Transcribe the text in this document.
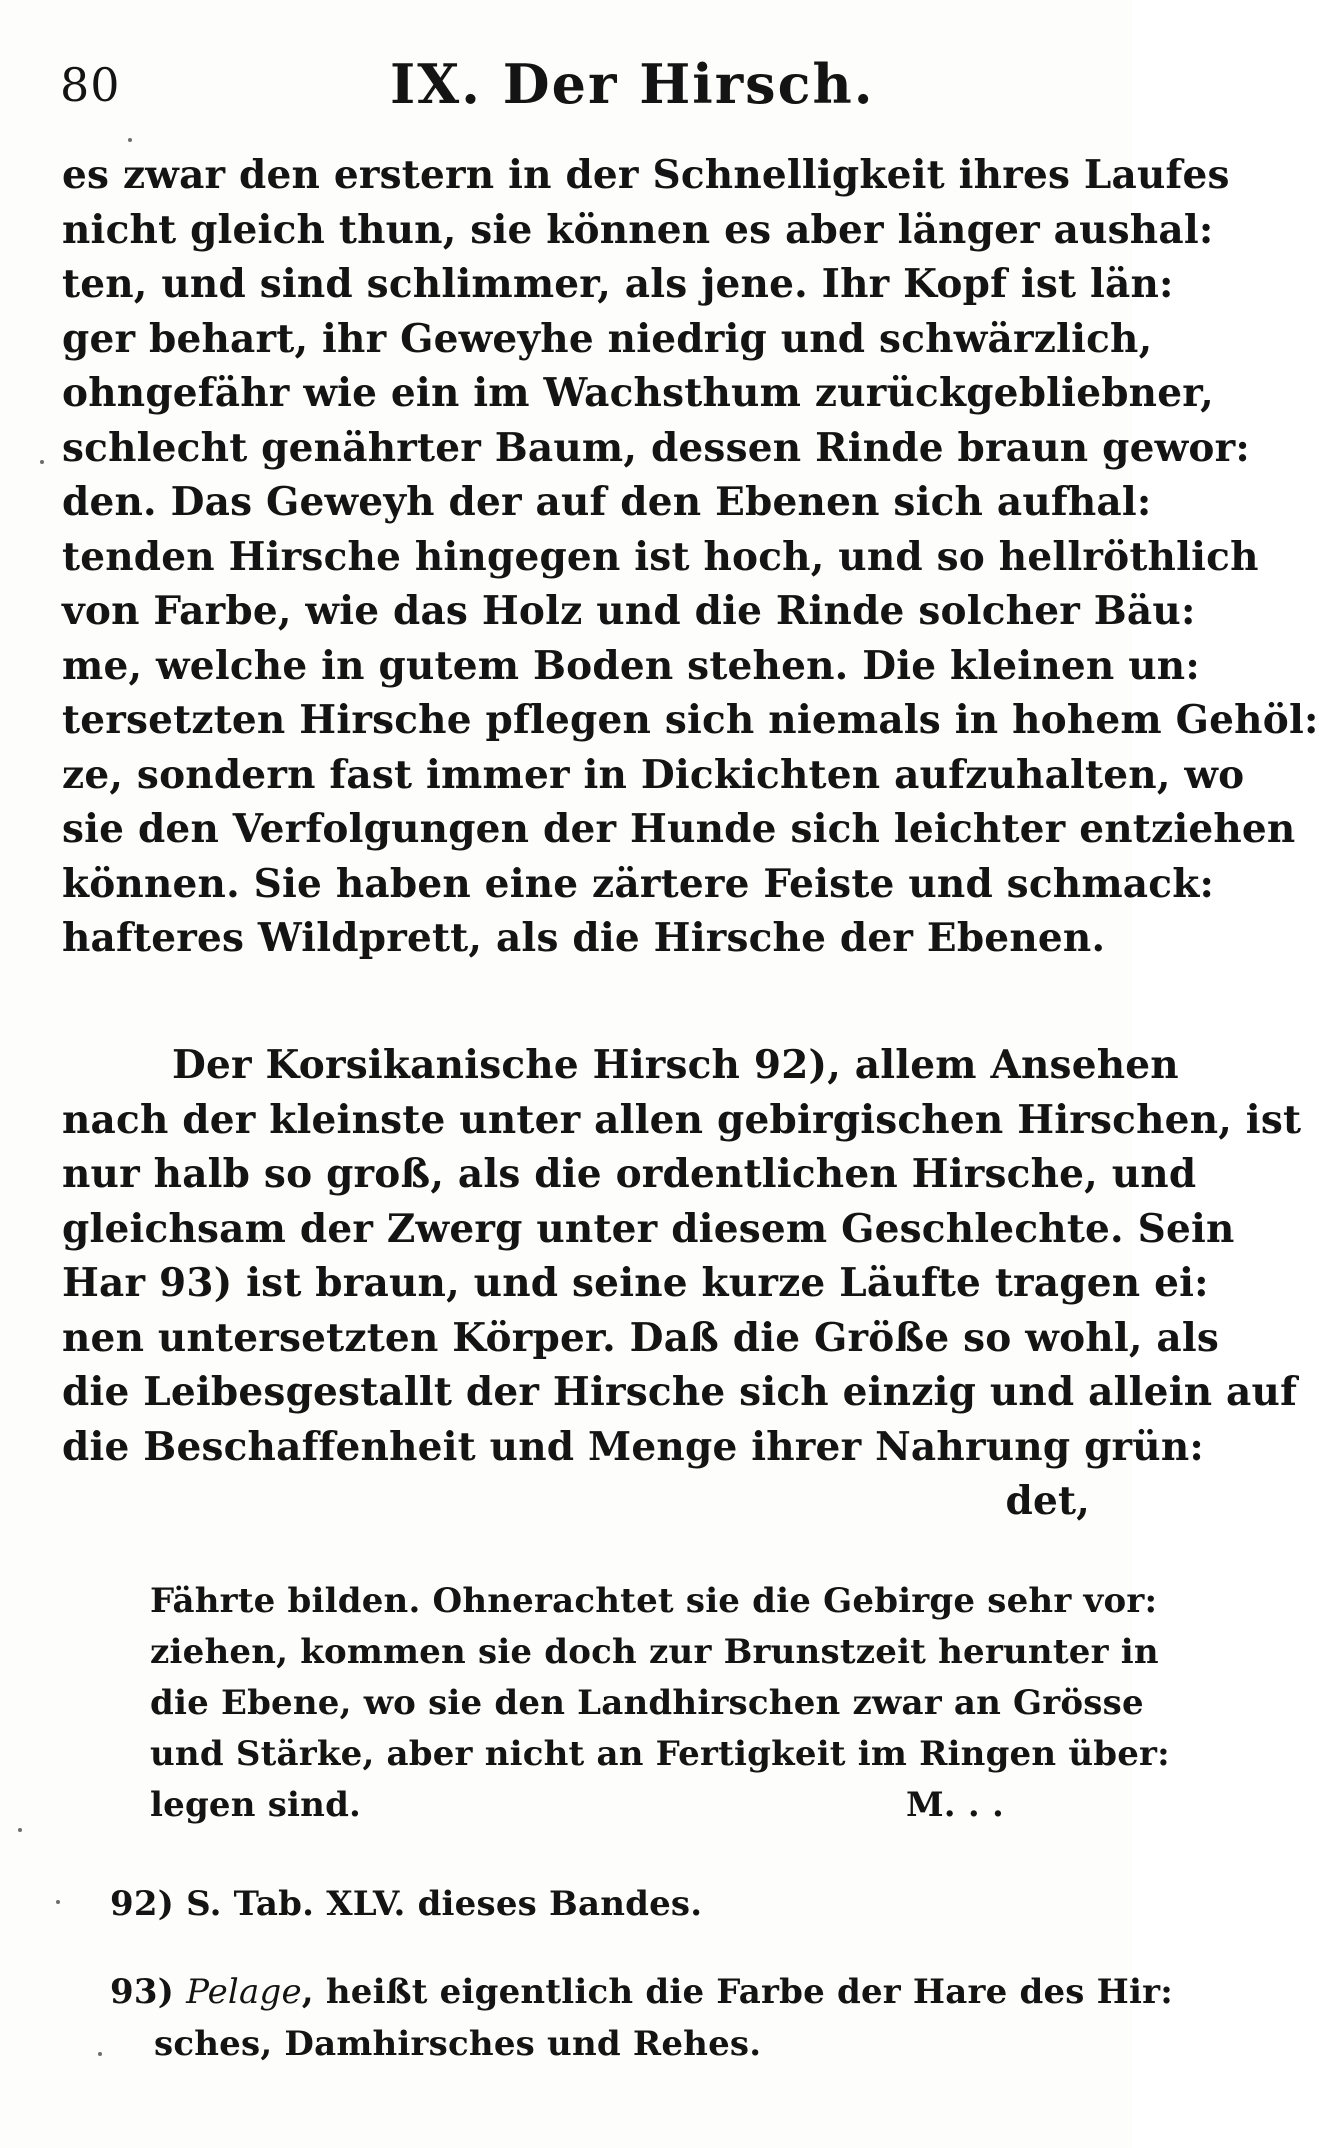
80	IX. Der Hirsch.
es zwar den erstern in der Schnelligkeit ihres Laufes
nicht gleich thun, sie können es aber länger aushal:
ten, und sind schlimmer, als jene. Ihr Kopf ist län:
ger behart, ihr Geweyhe niedrig und schwärzlich,
ohngefähr wie ein im Wachsthum zurückgebliebner,
schlecht genährter Baum, dessen Rinde braun gewor:
den. Das Geweyh der auf den Ebenen sich aufhal:
tenden Hirsche hingegen ist hoch, und so hellröthlich
von Farbe, wie das Holz und die Rinde solcher Bäu:
me, welche in gutem Boden stehen. Die kleinen un:
tersetzten Hirsche pflegen sich niemals in hohem Gehöl:
ze, sondern fast immer in Dickichten aufzuhalten, wo
sie den Verfolgungen der Hunde sich leichter entziehen
können. Sie haben eine zärtere Feiste und schmack:
hafteres Wildprett, als die Hirsche der Ebenen.
Der Korsikanische Hirsch 92), allem Ansehen
nach der kleinste unter allen gebirgischen Hirschen, ist
nur halb so groß, als die ordentlichen Hirsche, und
gleichsam der Zwerg unter diesem Geschlechte. Sein
Har 93) ist braun, und seine kurze Läufte tragen ei:
nen untersetzten Körper. Daß die Größe so wohl, als
die Leibesgestallt der Hirsche sich einzig und allein auf
die Beschaffenheit und Menge ihrer Nahrung grün:
det,
Fährte bilden. Ohnerachtet sie die Gebirge sehr vor:
ziehen, kommen sie doch zur Brunstzeit herunter in
die Ebene, wo sie den Landhirschen zwar an Grösse
und Stärke, aber nicht an Fertigkeit im Ringen über:
legen sind.	M. . .
92) S. Tab. XLV. dieses Bandes.
93) Pelage, heißt eigentlich die Farbe der Hare des Hir:
sches, Damhirsches und Rehes.
